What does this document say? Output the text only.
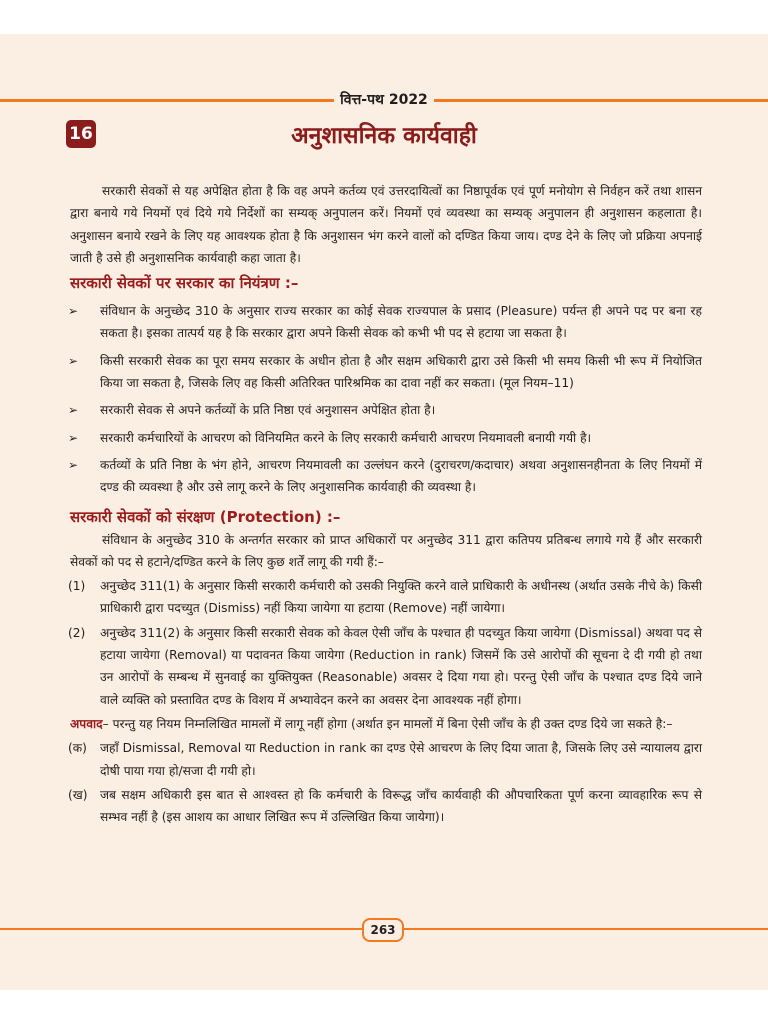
वित्त-पथ 2022
16	अनुशासनिक कार्यवाही

सरकारी सेवकों से यह अपेक्षित होता है कि वह अपने कर्तव्य एवं उत्तरदायित्वों का निष्ठापूर्वक एवं पूर्ण मनोयोग से निर्वहन करें तथा शासन द्वारा बनाये गये नियमों एवं दिये गये निर्देशों का सम्यक् अनुपालन करें। नियमों एवं व्यवस्था का सम्यक् अनुपालन ही अनुशासन कहलाता है। अनुशासन बनाये रखने के लिए यह आवश्यक होता है कि अनुशासन भंग करने वालों को दण्डित किया जाय। दण्ड देने के लिए जो प्रक्रिया अपनाई जाती है उसे ही अनुशासनिक कार्यवाही कहा जाता है।

सरकारी सेवकों पर सरकार का नियंत्रण :–
➢ संविधान के अनुच्छेद 310 के अनुसार राज्य सरकार का कोई सेवक राज्यपाल के प्रसाद (Pleasure) पर्यन्त ही अपने पद पर बना रह सकता है। इसका तात्पर्य यह है कि सरकार द्वारा अपने किसी सेवक को कभी भी पद से हटाया जा सकता है।
➢ किसी सरकारी सेवक का पूरा समय सरकार के अधीन होता है और सक्षम अधिकारी द्वारा उसे किसी भी समय किसी भी रूप में नियोजित किया जा सकता है, जिसके लिए वह किसी अतिरिक्त पारिश्रमिक का दावा नहीं कर सकता। (मूल नियम–11)
➢ सरकारी सेवक से अपने कर्तव्यों के प्रति निष्ठा एवं अनुशासन अपेक्षित होता है।
➢ सरकारी कर्मचारियों के आचरण को विनियमित करने के लिए सरकारी कर्मचारी आचरण नियमावली बनायी गयी है।
➢ कर्तव्यों के प्रति निष्ठा के भंग होने, आचरण नियमावली का उल्लंघन करने (दुराचरण/कदाचार) अथवा अनुशासनहीनता के लिए नियमों में दण्ड की व्यवस्था है और उसे लागू करने के लिए अनुशासनिक कार्यवाही की व्यवस्था है।
सरकारी सेवकों को संरक्षण (Protection) :–

संविधान के अनुच्छेद 310 के अन्तर्गत सरकार को प्राप्त अधिकारों पर अनुच्छेद 311 द्वारा कतिपय प्रतिबन्ध लगाये गये हैं और सरकारी सेवकों को पद से हटाने/दण्डित करने के लिए कुछ शर्तें लागू की गयी हैं:–

(1) अनुच्छेद 311(1) के अनुसार किसी सरकारी कर्मचारी को उसकी नियुक्ति करने वाले प्राधिकारी के अधीनस्थ (अर्थात उसके नीचे के) किसी प्राधिकारी द्वारा पदच्युत (Dismiss) नहीं किया जायेगा या हटाया (Remove) नहीं जायेगा।
(2) अनुच्छेद 311(2) के अनुसार किसी सरकारी सेवक को केवल ऐसी जाँच के पश्चात ही पदच्युत किया जायेगा (Dismissal) अथवा पद से हटाया जायेगा (Removal) या पदावनत किया जायेगा (Reduction in rank) जिसमें कि उसे आरोपों की सूचना दे दी गयी हो तथा उन आरोपों के सम्बन्ध में सुनवाई का युक्तियुक्त (Reasonable) अवसर दे दिया गया हो। परन्तु ऐसी जाँच के पश्चात दण्ड दिये जाने वाले व्यक्ति को प्रस्तावित दण्ड के विशय में अभ्यावेदन करने का अवसर देना आवश्यक नहीं होगा।

अपवाद– परन्तु यह नियम निम्नलिखित मामलों में लागू नहीं होगा (अर्थात इन मामलों में बिना ऐसी जाँच के ही उक्त दण्ड दिये जा सकते है:–

(क) जहाँ Dismissal, Removal या Reduction in rank का दण्ड ऐसे आचरण के लिए दिया जाता है, जिसके लिए उसे न्यायालय द्वारा दोषी पाया गया हो/सजा दी गयी हो।
(ख) जब सक्षम अधिकारी इस बात से आश्वस्त हो कि कर्मचारी के विरूद्ध जाँच कार्यवाही की औपचारिकता पूर्ण करना व्यावहारिक रूप से सम्भव नहीं है (इस आशय का आधार लिखित रूप में उल्लिखित किया जायेगा)।
263
